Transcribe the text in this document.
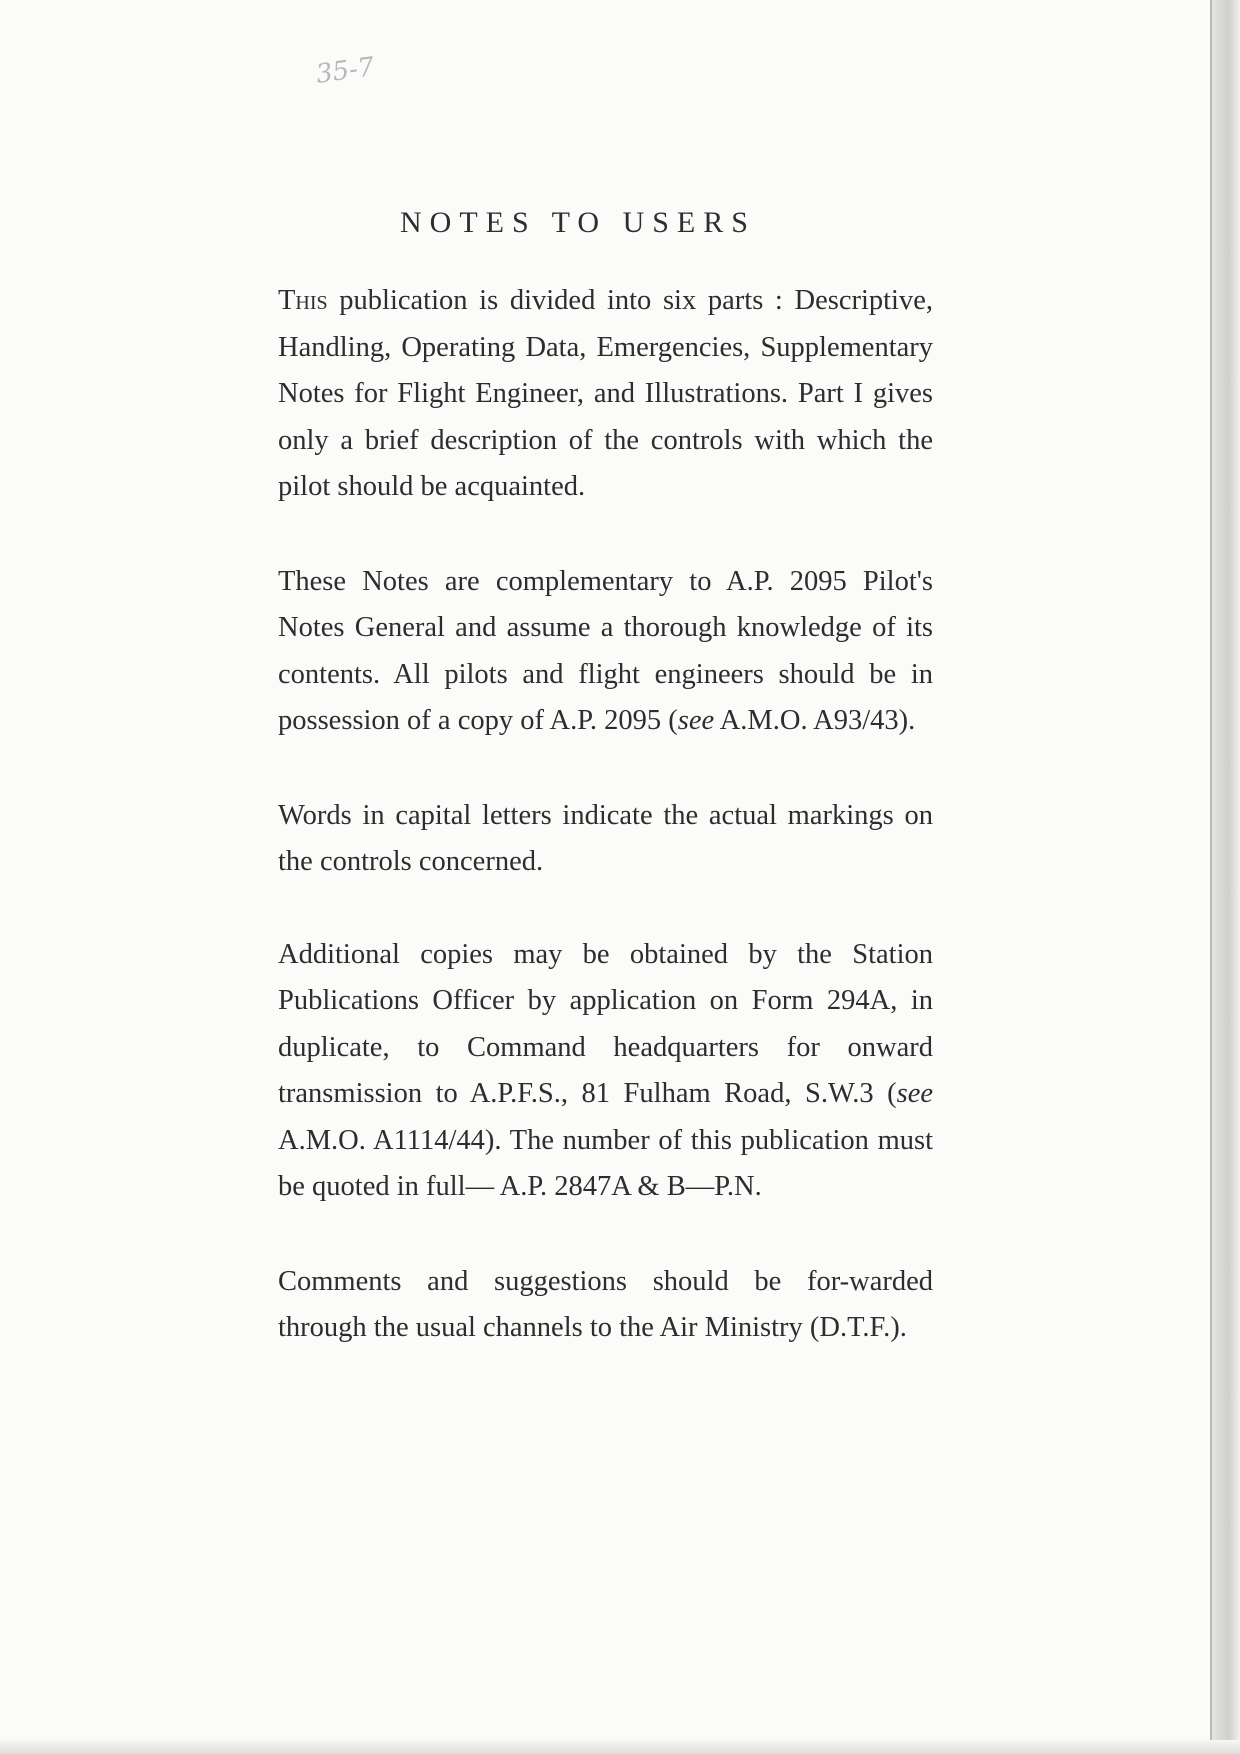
35-7
NOTES TO USERS

This publication is divided into six parts : Descriptive, Handling, Operating Data, Emergencies, Supplementary Notes for Flight Engineer, and Illustrations. Part I gives only a brief description of the controls with which the pilot should be acquainted.

These Notes are complementary to A.P. 2095 Pilot's Notes General and assume a thorough knowledge of its contents. All pilots and flight engineers should be in possession of a copy of A.P. 2095 (see A.M.O. A93/43).

Words in capital letters indicate the actual markings on the controls concerned.

Additional copies may be obtained by the Station Publications Officer by application on Form 294A, in duplicate, to Command headquarters for onward transmission to A.P.F.S., 81 Fulham Road, S.W.3 (see A.M.O. A1114/44). The number of this publication must be quoted in full— A.P. 2847A & B—P.N.

Comments and suggestions should be for-warded through the usual channels to the Air Ministry (D.T.F.).
